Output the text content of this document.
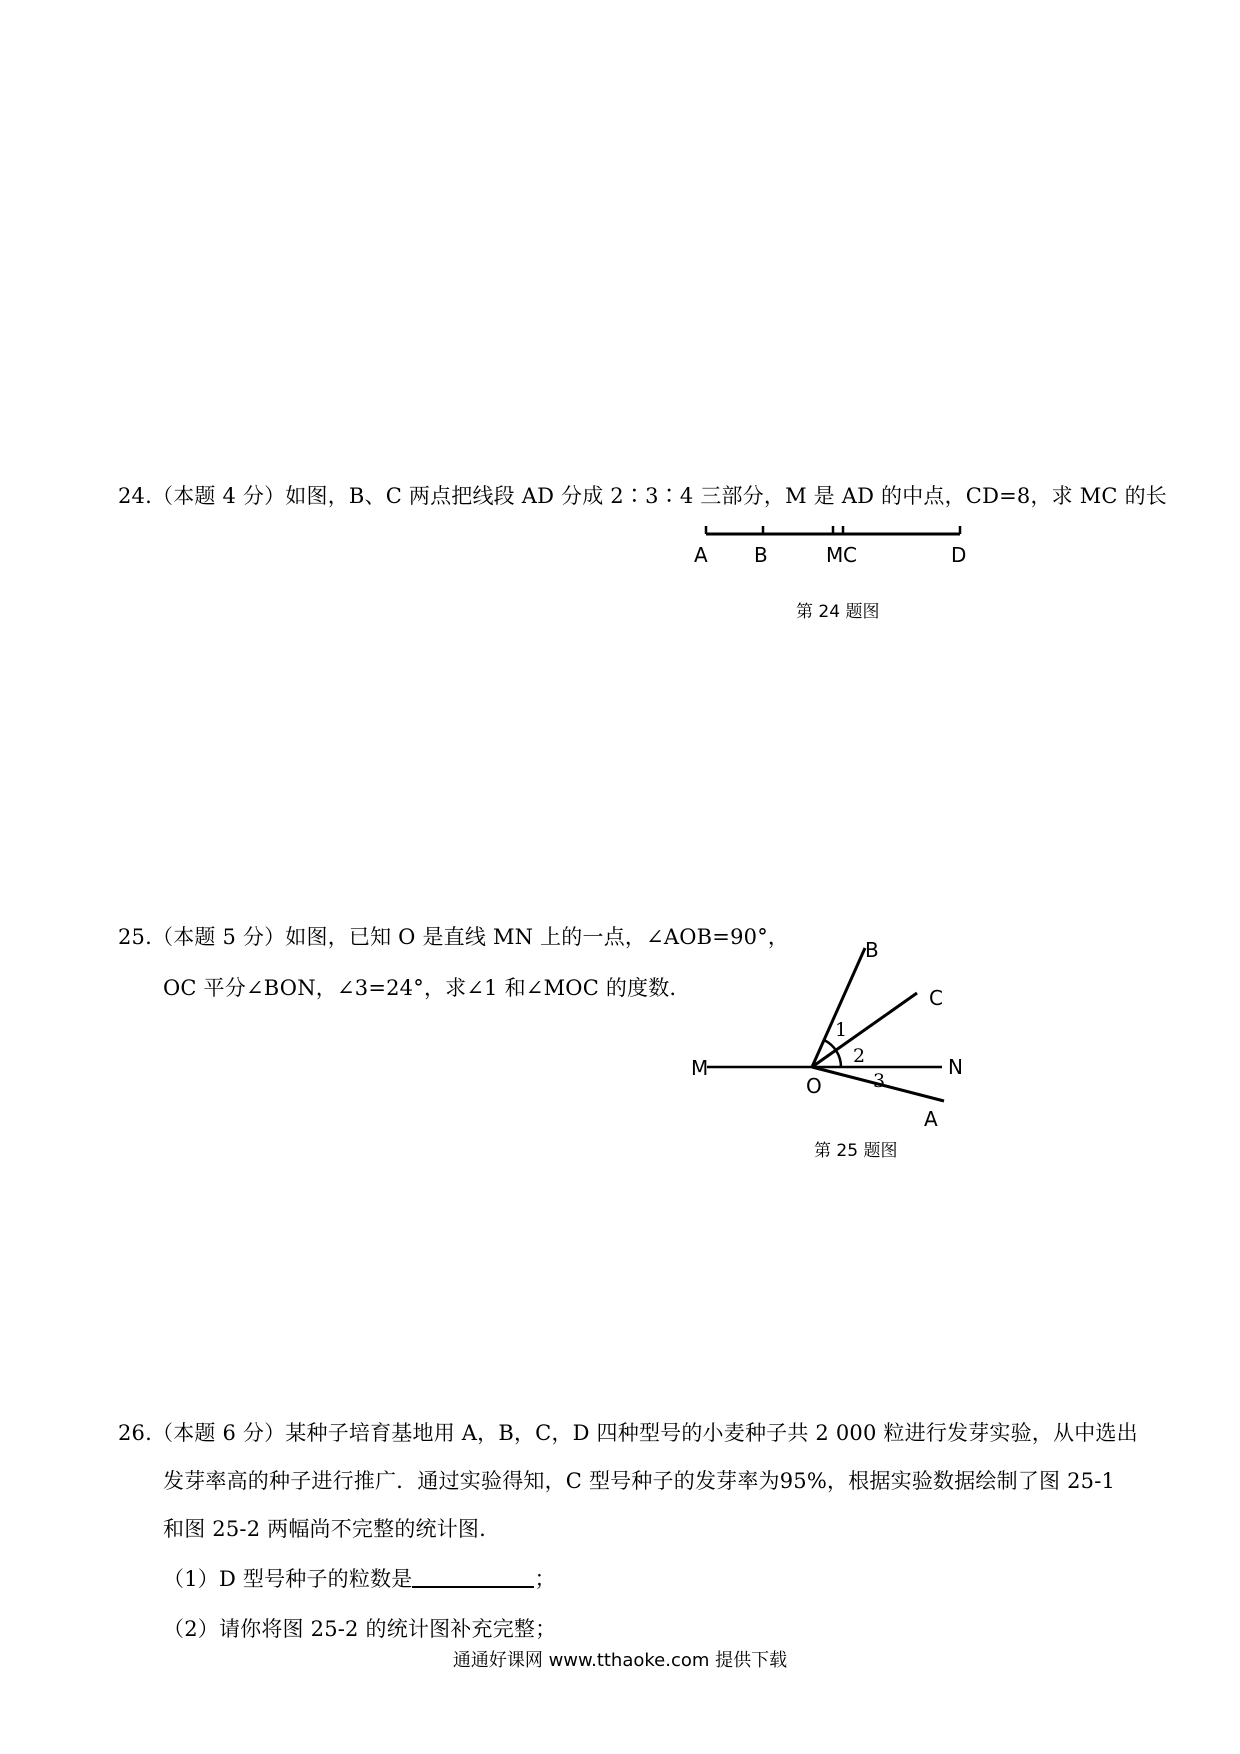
24.（本题 4 分）如图，B、C 两点把线段 AD 分成 2∶3∶4 三部分，M 是 AD 的中点，CD=8，求 MC 的长
A B	M C	D
B
C
M	N
O
A
1
2
3
第 24 题图
25.（本题 5 分）如图，已知 O 是直线 MN 上的一点，∠AOB=90°，
OC 平分∠BON，∠3=24°，求∠1 和∠MOC 的度数.
第 25 题图
26.（本题 6 分）某种子培育基地用 A，B，C，D 四种型号的小麦种子共 2 000 粒进行发芽实验，从中选出
发芽率高的种子进行推广．通过实验得知，C 型号种子的发芽率为95%，根据实验数据绘制了图 25-1
和图 25-2 两幅尚不完整的统计图.
（1）D 型号种子的粒数是	；
（2）请你将图 25-2 的统计图补充完整；
通通好课网 www.tthaoke.com 提供下载
